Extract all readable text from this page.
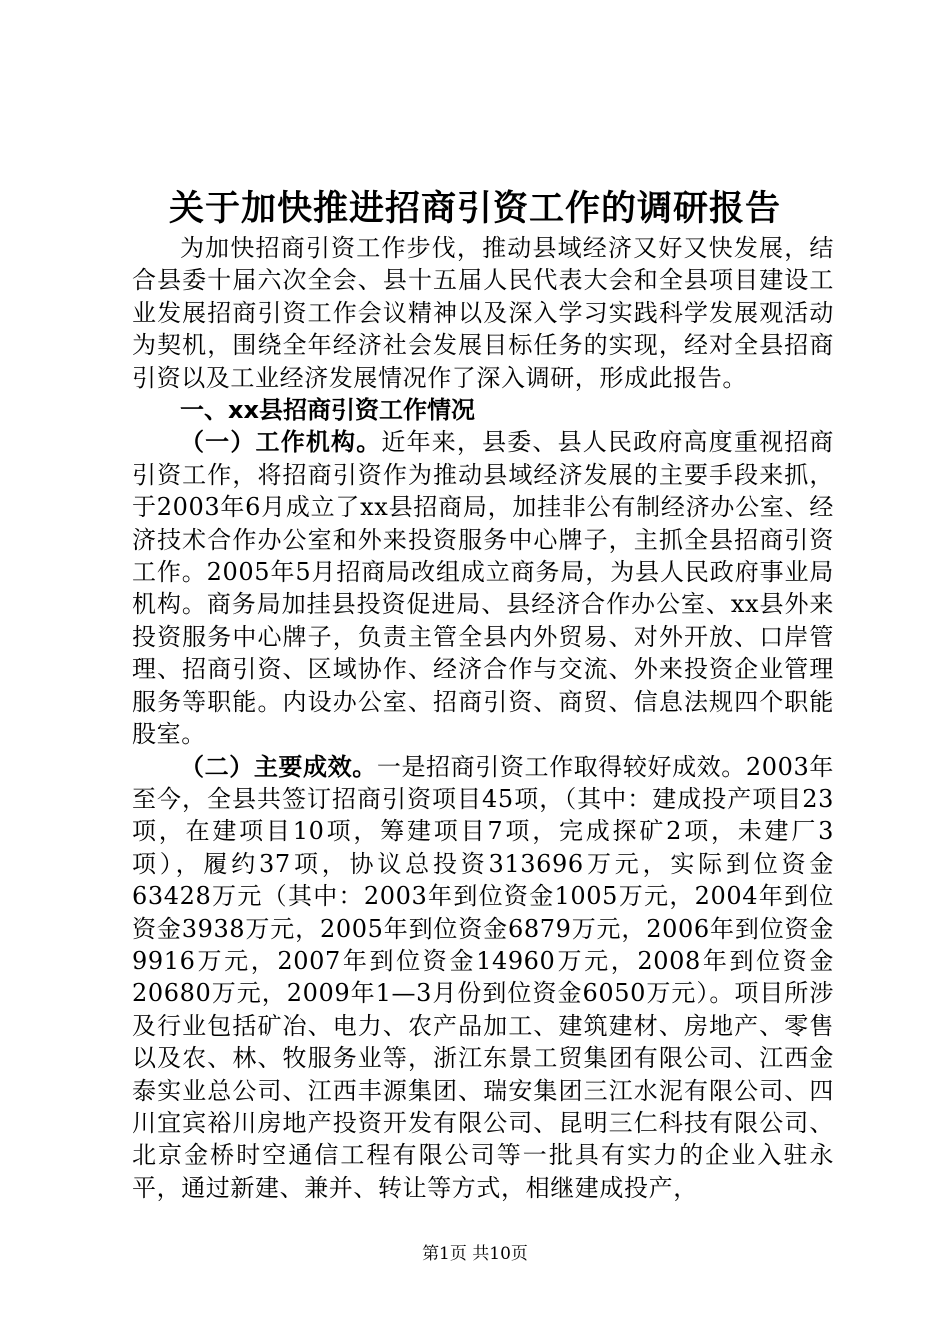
关于加快推进招商引资工作的调研报告

为加快招商引资工作步伐，推动县域经济又好又快发展，结合县委十届六次全会、县十五届人民代表大会和全县项目建设工业发展招商引资工作会议精神以及深入学习实践科学发展观活动为契机，围绕全年经济社会发展目标任务的实现，经对全县招商引资以及工业经济发展情况作了深入调研，形成此报告。

一、xx县招商引资工作情况

（一）工作机构。近年来，县委、县人民政府高度重视招商引资工作，将招商引资作为推动县域经济发展的主要手段来抓，于2003年6月成立了xx县招商局，加挂非公有制经济办公室、经济技术合作办公室和外来投资服务中心牌子，主抓全县招商引资工作。2005年5月招商局改组成立商务局，为县人民政府事业局机构。商务局加挂县投资促进局、县经济合作办公室、xx县外来投资服务中心牌子，负责主管全县内外贸易、对外开放、口岸管理、招商引资、区域协作、经济合作与交流、外来投资企业管理服务等职能。内设办公室、招商引资、商贸、信息法规四个职能股室。

（二）主要成效。一是招商引资工作取得较好成效。2003年至今，全县共签订招商引资项目45项，（其中：建成投产项目23项，在建项目10项，筹建项目7项，完成探矿2项，未建厂3项），履约37项，协议总投资313696万元，实际到位资金63428万元（其中：2003年到位资金1005万元，2004年到位资金3938万元，2005年到位资金6879万元，2006年到位资金9916万元，2007年到位资金14960万元，2008年到位资金20680万元，2009年1—3月份到位资金6050万元）。项目所涉及行业包括矿冶、电力、农产品加工、建筑建材、房地产、零售以及农、林、牧服务业等，浙江东景工贸集团有限公司、江西金泰实业总公司、江西丰源集团、瑞安集团三江水泥有限公司、四川宜宾裕川房地产投资开发有限公司、昆明三仁科技有限公司、北京金桥时空通信工程有限公司等一批具有实力的企业入驻永平，通过新建、兼并、转让等方式，相继建成投产，

第1页 共10页
